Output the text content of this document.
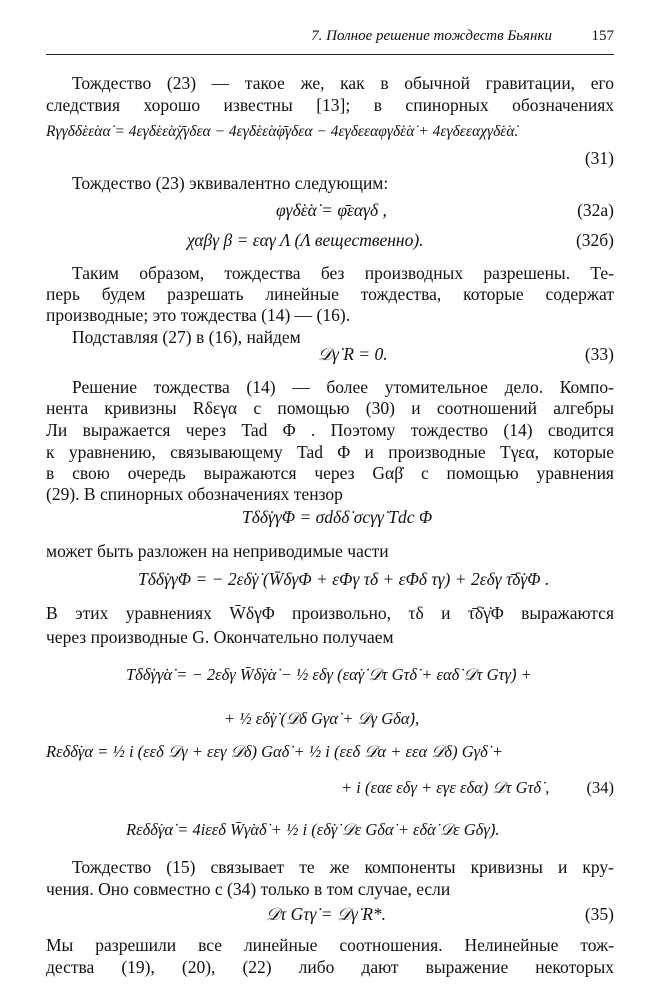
7. Полное решение тождеств Бьянки	157
Тождество (23) — такое же, как в обычной гравитации, его
следствия хорошо известны [13]; в спинорных обозначениях
Rγγ̇δδ̇εε̇αα̇ = 4εγ̇δ̇εε̇α̇χ̄γδεα − 4εγ̇δ̇εε̇α̇φ̄γδεα − 4εγδεεαφγ̇δ̇ε̇α̇ + 4εγδεεαχγ̇δ̇ε̇α̇.
(31)
Тождество (23) эквивалентно следующим:
φγ̇δ̇ε̇α̇ = φ̄εαγδ ,	(32а)
χαβγ β = εαγ Λ (Λ вещественно).	(32б)
Таким образом, тождества без производных разрешены. Те-
перь будем разрешать линейные тождества, которые содержат
производные; это тождества (14) — (16).
Подставляя (27) в (16), найдем
𝒟γ̇ R = 0.	(33)
Решение тождества (14) — более утомительное дело. Компо-
нента кривизны Rδεγα с помощью (30) и соотношений алгебры
Ли выражается через Tad Φ . Поэтому тождество (14) сводится
к уравнению, связывающему Tad Φ и производные Tγεα, которые
в свою очередь выражаются через Gαβ̇ с помощью уравнения
(29). В спинорных обозначениях тензор
Tδδ̇γγ̇Φ = σdδδ̇ σcγγ̇ Tdc Φ
может быть разложен на неприводимые части
Tδδ̇γγ̇Φ = − 2εδ̇γ̇ (W̄δγΦ + εΦγ τδ + εΦδ τγ) + 2εδγ τ̄δ̇γ̇Φ .
В этих уравнениях W̄δγΦ произвольно, τδ и τ̄δ̇γ̇Φ выражаются
через производные G. Окончательно получаем
Tδδ̇γγ̇α̇ = − 2εδγ W̄δ̇γ̇α̇ − ½ εδγ (εα̇γ̇ 𝒟τ Gτδ̇ + εα̇δ̇ 𝒟τ Gτγ̇) +
+ ½ εδ̇γ̇ (𝒟δ Gγα̇ + 𝒟γ Gδα̇),
Rεδδ̇γα = ½ i (εεδ 𝒟γ + εεγ 𝒟δ) Gαδ̇ + ½ i (εεδ 𝒟α + εεα 𝒟δ) Gγδ̇ +
+ i (εαε εδγ + εγε εδα) 𝒟τ Gτδ̇ , (34)
Rεδδ̇γα̇ = 4iεεδ W̄γ̇α̇δ̇ + ½ i (εδ̇γ̇ 𝒟ε Gδα̇ + εδ̇α̇ 𝒟ε Gδγ̇).
Тождество (15) связывает те же компоненты кривизны и кру-
чения. Оно совместно с (34) только в том случае, если
𝒟τ Gτγ̇ = 𝒟γ̇ R*.	(35)
Мы разрешили все линейные соотношения. Нелинейные тож-
дества (19), (20), (22) либо дают выражение некоторых
